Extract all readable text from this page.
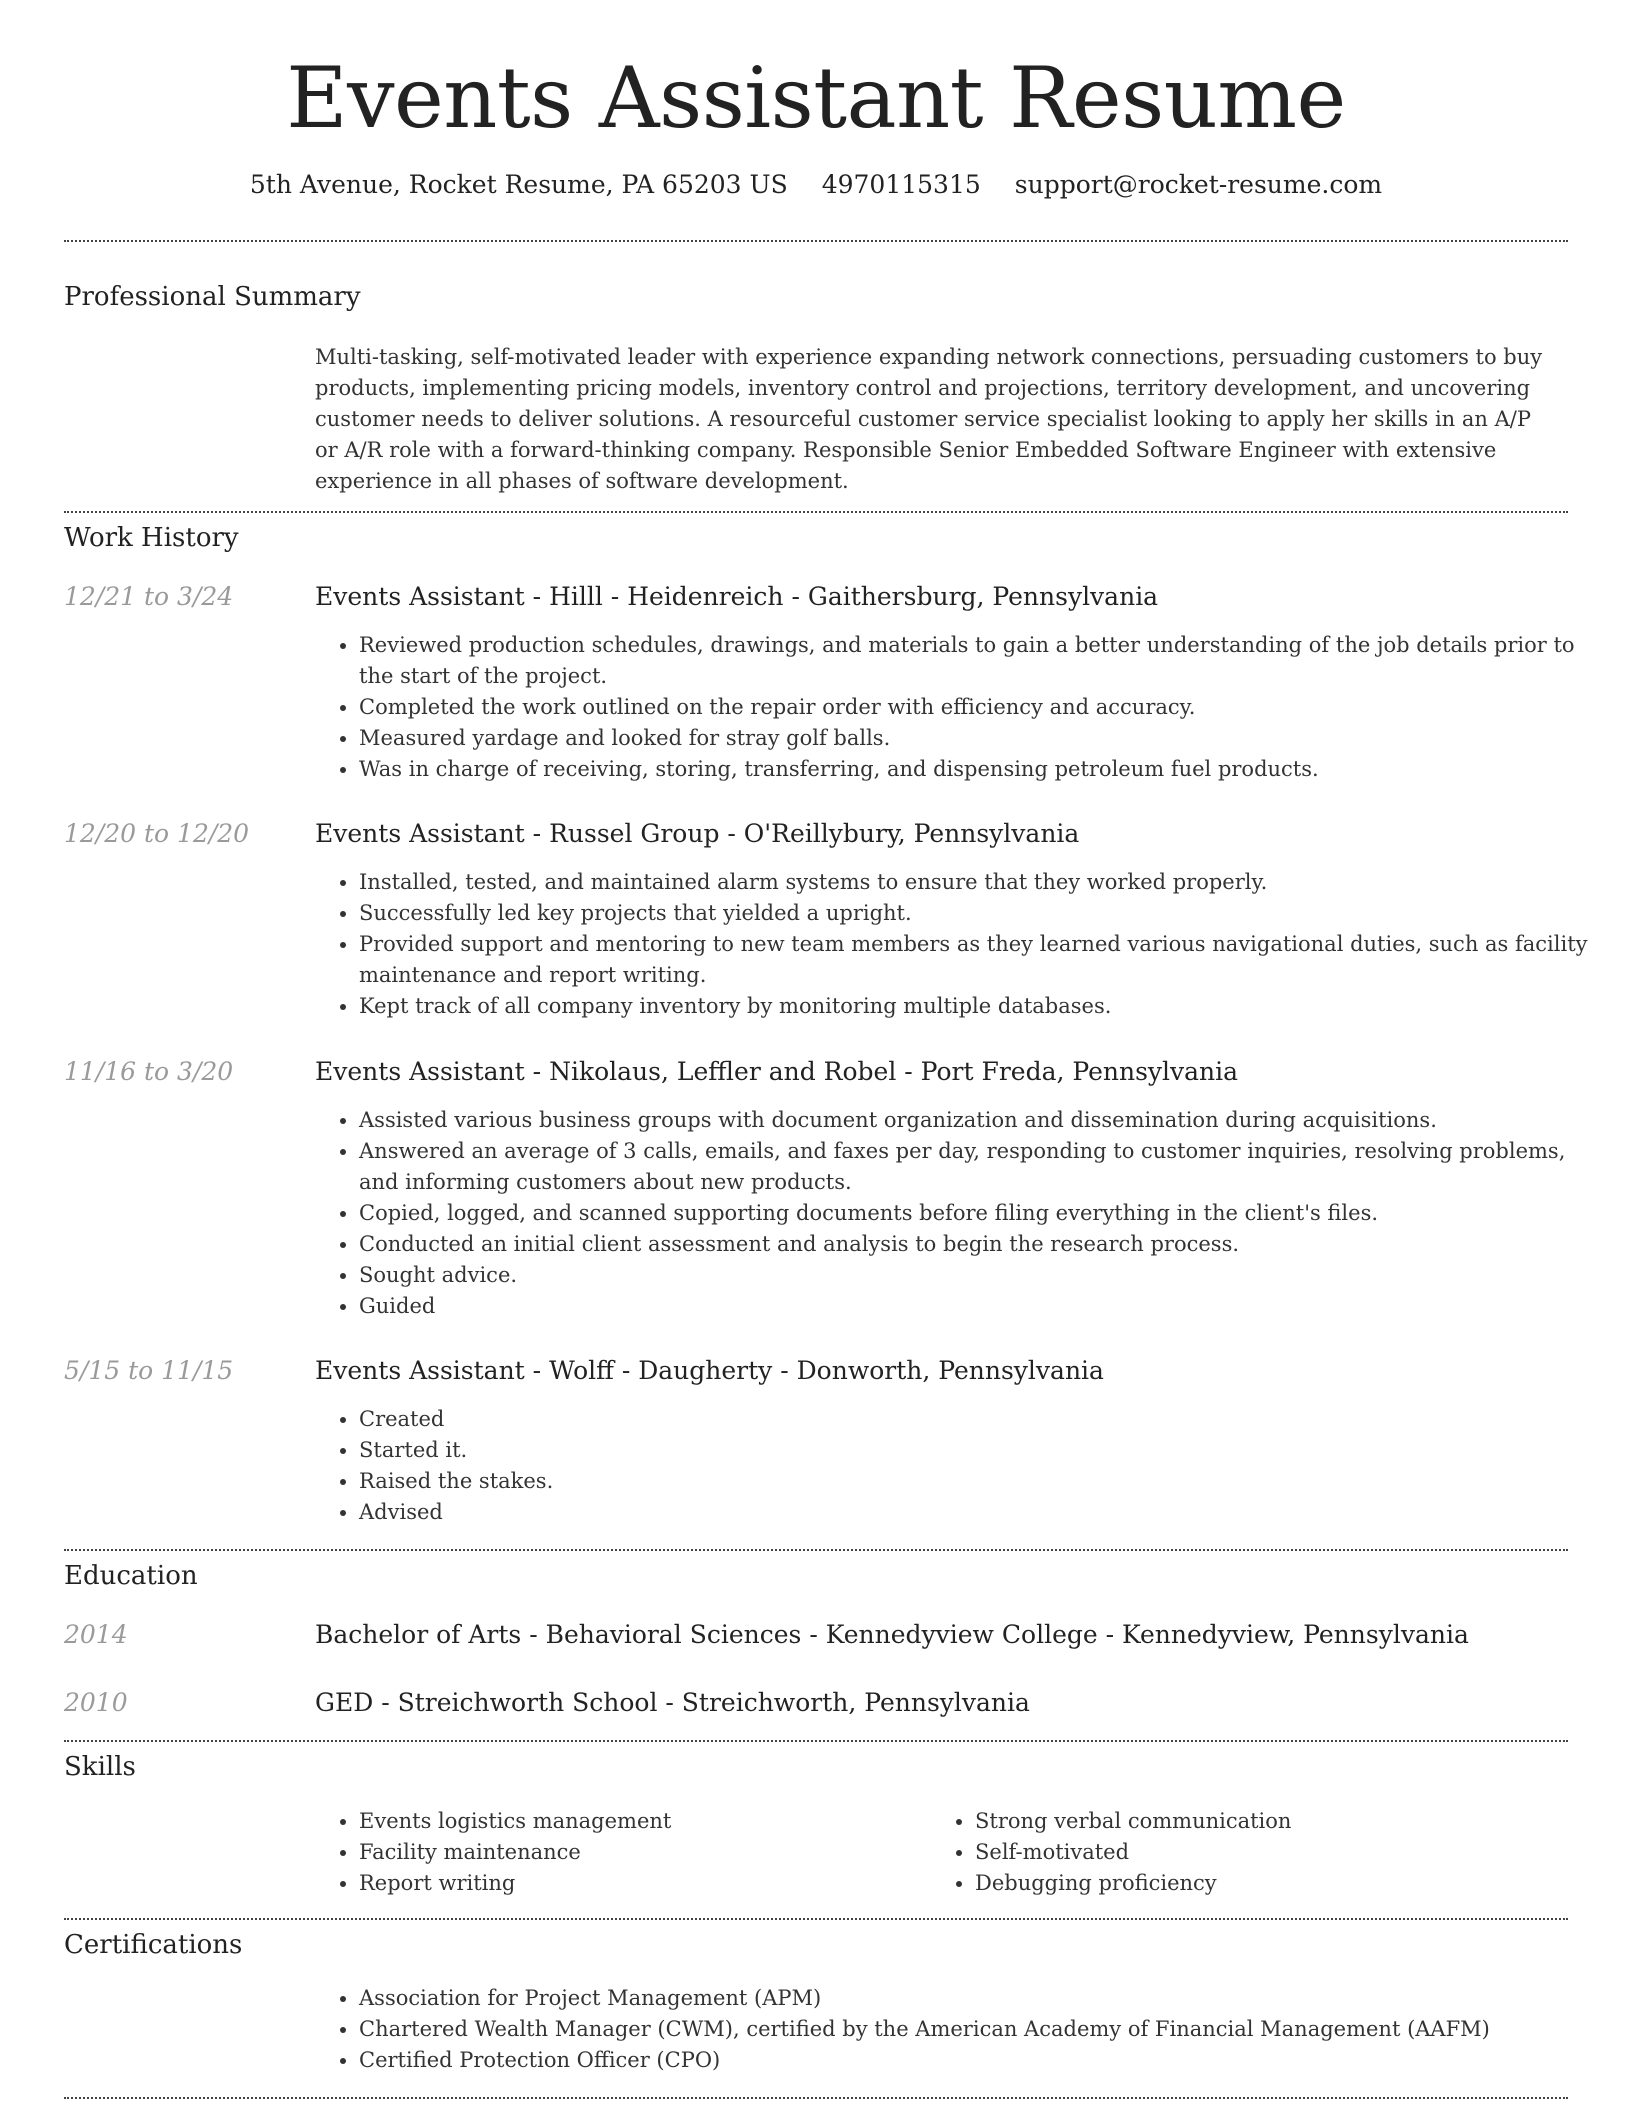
Events Assistant Resume
5th Avenue, Rocket Resume, PA 65203 US 4970115315 support@rocket-resume.com
Professional Summary

Multi-tasking, self-motivated leader with experience expanding network connections, persuading customers to buy products, implementing pricing models, inventory control and projections, territory development, and uncovering customer needs to deliver solutions. A resourceful customer service specialist looking to apply her skills in an A/P or A/R role with a forward-thinking company. Responsible Senior Embedded Software Engineer with extensive experience in all phases of software development.

Work History
12/21 to 3/24	Events Assistant - Hilll - Heidenreich - Gaithersburg, Pennsylvania
• Reviewed production schedules, drawings, and materials to gain a better understanding of the job details prior to the start of the project.
• Completed the work outlined on the repair order with efficiency and accuracy.
• Measured yardage and looked for stray golf balls.
• Was in charge of receiving, storing, transferring, and dispensing petroleum fuel products.
12/20 to 12/20	Events Assistant - Russel Group - O'Reillybury, Pennsylvania
• Installed, tested, and maintained alarm systems to ensure that they worked properly.
• Successfully led key projects that yielded a upright.
• Provided support and mentoring to new team members as they learned various navigational duties, such as facility maintenance and report writing.
• Kept track of all company inventory by monitoring multiple databases.
11/16 to 3/20	Events Assistant - Nikolaus, Leffler and Robel - Port Freda, Pennsylvania
• Assisted various business groups with document organization and dissemination during acquisitions.
• Answered an average of 3 calls, emails, and faxes per day, responding to customer inquiries, resolving problems, and informing customers about new products.
• Copied, logged, and scanned supporting documents before filing everything in the client's files.
• Conducted an initial client assessment and analysis to begin the research process.
• Sought advice.
• Guided
5/15 to 11/15	Events Assistant - Wolff - Daugherty - Donworth, Pennsylvania
• Created
• Started it.
• Raised the stakes.
• Advised
Education
2014	Bachelor of Arts - Behavioral Sciences - Kennedyview College - Kennedyview, Pennsylvania
2010	GED - Streichworth School - Streichworth, Pennsylvania
Skills
• Events logistics management
• Facility maintenance
• Report writing
• Strong verbal communication
• Self-motivated
• Debugging proficiency
Certifications
• Association for Project Management (APM)
• Chartered Wealth Manager (CWM), certified by the American Academy of Financial Management (AAFM)
• Certified Protection Officer (CPO)
